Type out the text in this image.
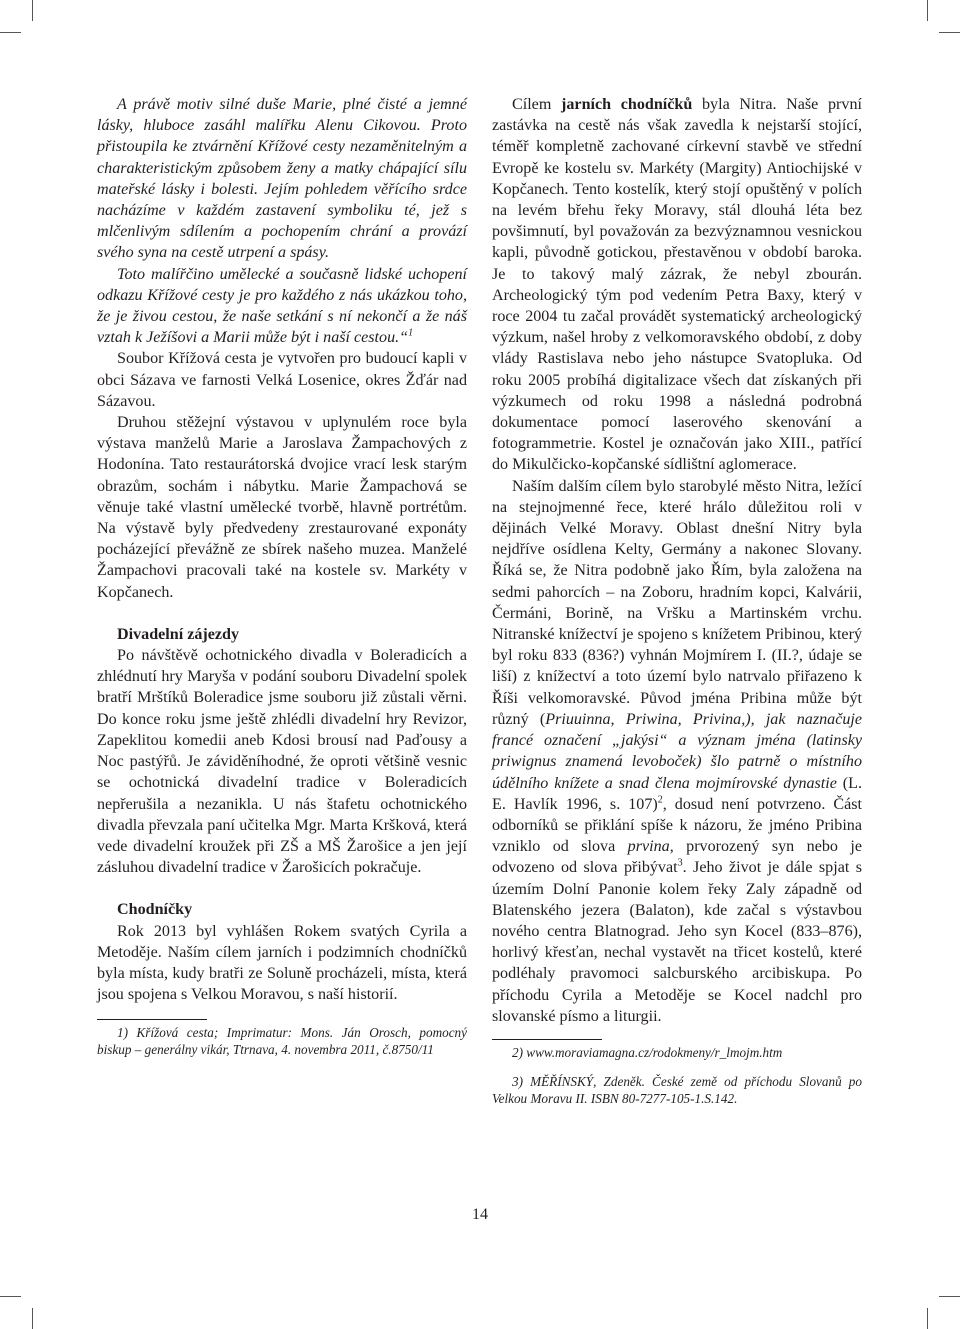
A právě motiv silné duše Marie, plné čisté a jemné lásky, hluboce zasáhl malířku Alenu Cikovou. Proto přistoupila ke ztvárnění Křížové cesty nezaměnitelným a charakteristickým způsobem ženy a matky chápající sílu mateřské lásky i bolesti. Jejím pohledem věřícího srdce nacházíme v každém zastavení symboliku té, jež s mlčenlivým sdílením a pochopením chrání a provází svého syna na cestě utrpení a spásy.

Toto malířčino umělecké a současně lidské uchopení odkazu Křížové cesty je pro každého z nás ukázkou toho, že je živou cestou, že naše setkání s ní nekončí a že náš vztah k Ježíšovi a Marii může být i naší cestou.“$^1$

Soubor Křížová cesta je vytvořen pro budoucí kapli v obci Sázava ve farnosti Velká Losenice, okres Žďár nad Sázavou.

Druhou stěžejní výstavou v uplynulém roce byla výstava manželů Marie a Jaroslava Žampachových z Hodonína. Tato restaurátorská dvojice vrací lesk starým obrazům, sochám i nábytku. Marie Žampachová se věnuje také vlastní umělecké tvorbě, hlavně portrétům. Na výstavě byly předvedeny zrestaurované exponáty pocházející převážně ze sbírek našeho muzea. Manželé Žampachovi pracovali také na kostele sv. Markéty v Kopčanech.

Divadelní zájezdy

Po návštěvě ochotnického divadla v Boleradicích a zhlédnutí hry Maryša v podání souboru Divadelní spolek bratří Mrštíků Boleradice jsme souboru již zůstali věrni. Do konce roku jsme ještě zhlédli divadelní hry Revizor, Zapeklitou komedii aneb Kdosi brousí nad Paďousy a Noc pastýřů. Je záviděníhodné, že oproti většině vesnic se ochotnická divadelní tradice v Boleradicích nepřerušila a nezanikla. U nás štafetu ochotnického divadla převzala paní učitelka Mgr. Marta Kršková, která vede divadelní kroužek při ZŠ a MŠ Žarošice a jen její zásluhou divadelní tradice v Žarošicích pokračuje.

Chodníčky

Rok 2013 byl vyhlášen Rokem svatých Cyrila a Metoděje. Naším cílem jarních i podzimních chodníčků byla místa, kudy bratři ze Soluně procházeli, místa, která jsou spojena s Velkou Moravou, s naší historií.

1) Křížová cesta; Imprimatur: Mons. Ján Orosch, pomocný biskup – generálny vikár, Ttrnava, 4. novembra 2011, č.8750/11

Cílem jarních chodníčků byla Nitra. Naše první zastávka na cestě nás však zavedla k nejstarší stojící, téměř kompletně zachované církevní stavbě ve střední Evropě ke kostelu sv. Markéty (Margity) Antiochijské v Kopčanech. Tento kostelík, který stojí opuštěný v polích na levém břehu řeky Moravy, stál dlouhá léta bez povšimnutí, byl považován za bezvýznamnou vesnickou kapli, původně gotickou, přestavěnou v období baroka. Je to takový malý zázrak, že nebyl zbourán. Archeologický tým pod vedením Petra Baxy, který v roce 2004 tu začal provádět systematický archeologický výzkum, našel hroby z velkomoravského období, z doby vlády Rastislava nebo jeho nástupce Svatopluka. Od roku 2005 probíhá digitalizace všech dat získaných při výzkumech od roku 1998 a následná podrobná dokumentace pomocí laserového skenování a fotogrammetrie. Kostel je označován jako XIII., patřící do Mikulčicko-kopčanské sídlištní aglomerace.

Naším dalším cílem bylo starobylé město Nitra, ležící na stejnojmenné řece, které hrálo důležitou roli v dějinách Velké Moravy. Oblast dnešní Nitry byla nejdříve osídlena Kelty, Germány a nakonec Slovany. Říká se, že Nitra podobně jako Řím, byla založena na sedmi pahorcích – na Zoboru, hradním kopci, Kalvárii, Čermáni, Borině, na Vršku a Martinském vrchu. Nitranské knížectví je spojeno s knížetem Pribinou, který byl roku 833 (836?) vyhnán Mojmírem I. (II.?, údaje se liší) z knížectví a toto území bylo natrvalo přiřazeno k Říši velkomoravské. Původ jména Pribina může být různý (Priuuinna, Priwina, Privina,), jak naznačuje francé označení „jakýsi“ a význam jména (latinsky priwignus znamená levoboček) šlo patrně o místního údělního knížete a snad člena mojmírovské dynastie (L. E. Havlík 1996, s. 107)$^2$, dosud není potvrzeno. Část odborníků se přiklání spíše k názoru, že jméno Pribina vzniklo od slova prvina, prvorozený syn nebo je odvozeno od slova přibývat$^3$. Jeho život je dále spjat s územím Dolní Panonie kolem řeky Zaly západně od Blatenského jezera (Balaton), kde začal s výstavbou nového centra Blatnograd. Jeho syn Kocel (833–876), horlivý křesťan, nechal vystavět na třicet kostelů, které podléhaly pravomoci salcburského arcibiskupa. Po příchodu Cyrila a Metoděje se Kocel nadchl pro slovanské písmo a liturgii.

2) www.moraviamagna.cz/rodokmeny/r_lmojm.htm

3) MĚŘÍNSKÝ, Zdeněk. České země od příchodu Slovanů po Velkou Moravu II. ISBN 80-7277-105-1.S.142.

14
